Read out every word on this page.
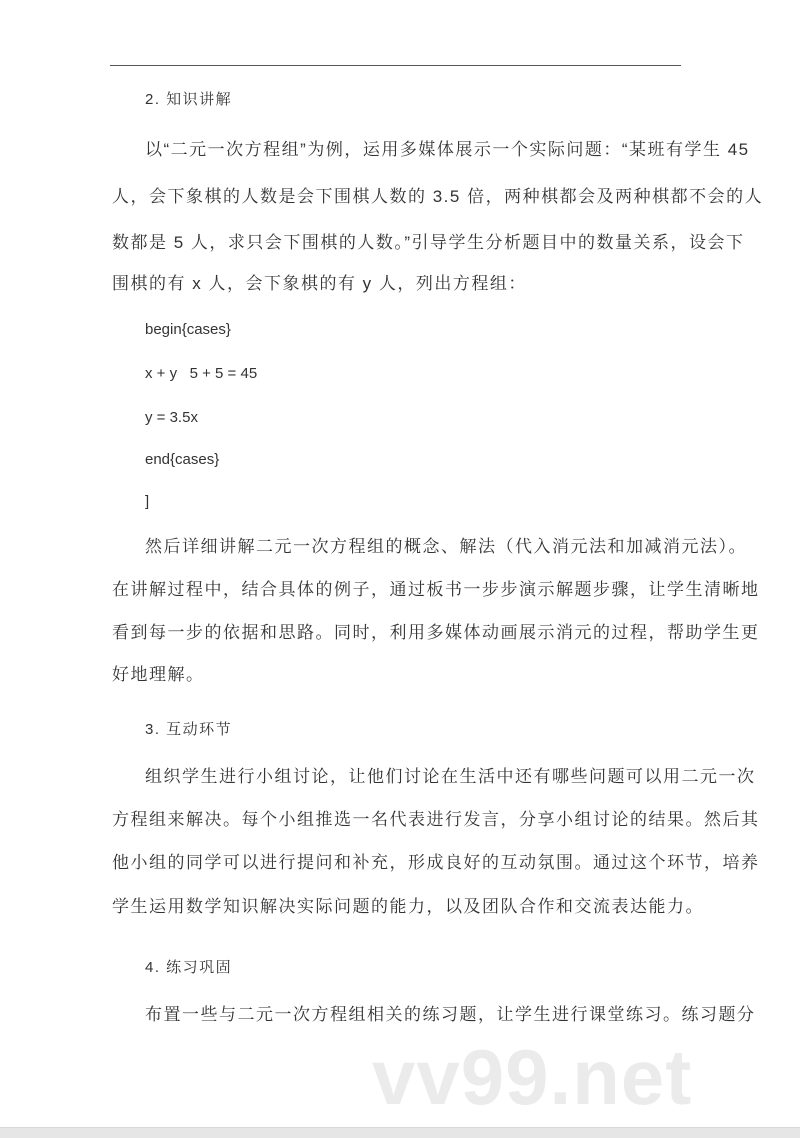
vv99.net
2. 知识讲解
以“二元一次方程组”为例，运用多媒体展示一个实际问题：“某班有学生 45
人，会下象棋的人数是会下围棋人数的 3.5 倍，两种棋都会及两种棋都不会的人
数都是 5 人，求只会下围棋的人数。”引导学生分析题目中的数量关系，设会下
围棋的有 x 人，会下象棋的有 y 人，列出方程组：
begin{cases}
x + y   5 + 5 = 45
y = 3.5x
end{cases}
]
然后详细讲解二元一次方程组的概念、解法（代入消元法和加减消元法）。
在讲解过程中，结合具体的例子，通过板书一步步演示解题步骤，让学生清晰地
看到每一步的依据和思路。同时，利用多媒体动画展示消元的过程，帮助学生更
好地理解。
3. 互动环节
组织学生进行小组讨论，让他们讨论在生活中还有哪些问题可以用二元一次
方程组来解决。每个小组推选一名代表进行发言，分享小组讨论的结果。然后其
他小组的同学可以进行提问和补充，形成良好的互动氛围。通过这个环节，培养
学生运用数学知识解决实际问题的能力，以及团队合作和交流表达能力。
4. 练习巩固
布置一些与二元一次方程组相关的练习题，让学生进行课堂练习。练习题分
